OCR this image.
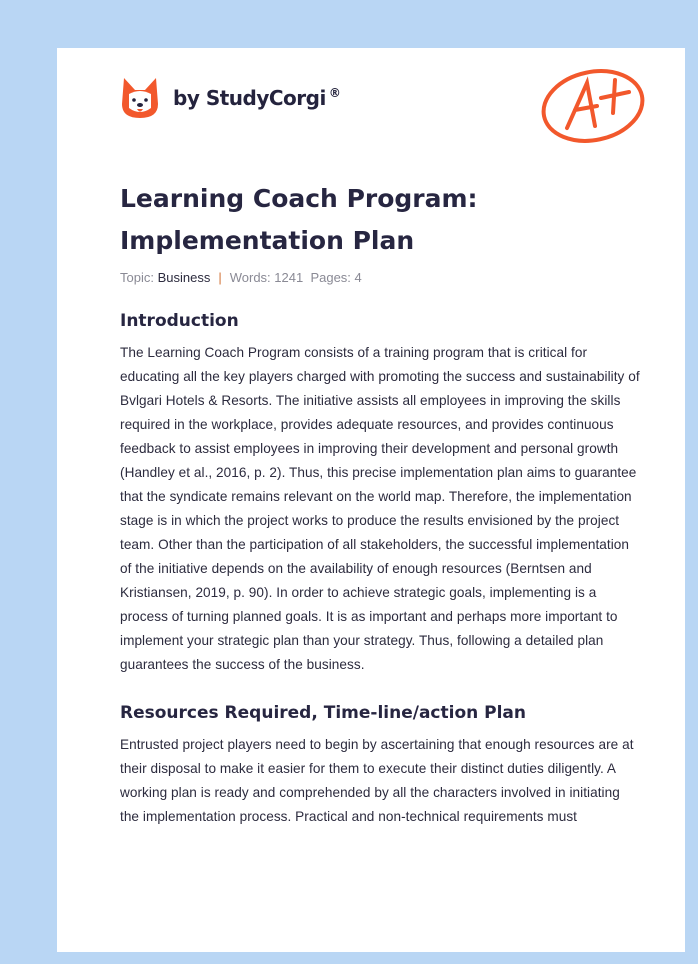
by StudyCorgi ®
Learning Coach Program: Implementation Plan
Topic: Business | Words: 1241 Pages: 4
Introduction

The Learning Coach Program consists of a training program that is critical for educating all the key players charged with promoting the success and sustainability of Bvlgari Hotels & Resorts. The initiative assists all employees in improving the skills required in the workplace, provides adequate resources, and provides continuous feedback to assist employees in improving their development and personal growth (Handley et al., 2016, p. 2). Thus, this precise implementation plan aims to guarantee that the syndicate remains relevant on the world map. Therefore, the implementation stage is in which the project works to produce the results envisioned by the project team. Other than the participation of all stakeholders, the successful implementation of the initiative depends on the availability of enough resources (Berntsen and Kristiansen, 2019, p. 90). In order to achieve strategic goals, implementing is a process of turning planned goals. It is as important and perhaps more important to implement your strategic plan than your strategy. Thus, following a detailed plan guarantees the success of the business.

Resources Required, Time-line/action Plan

Entrusted project players need to begin by ascertaining that enough resources are at their disposal to make it easier for them to execute their distinct duties diligently. A working plan is ready and comprehended by all the characters involved in initiating the implementation process. Practical and non-technical requirements must
